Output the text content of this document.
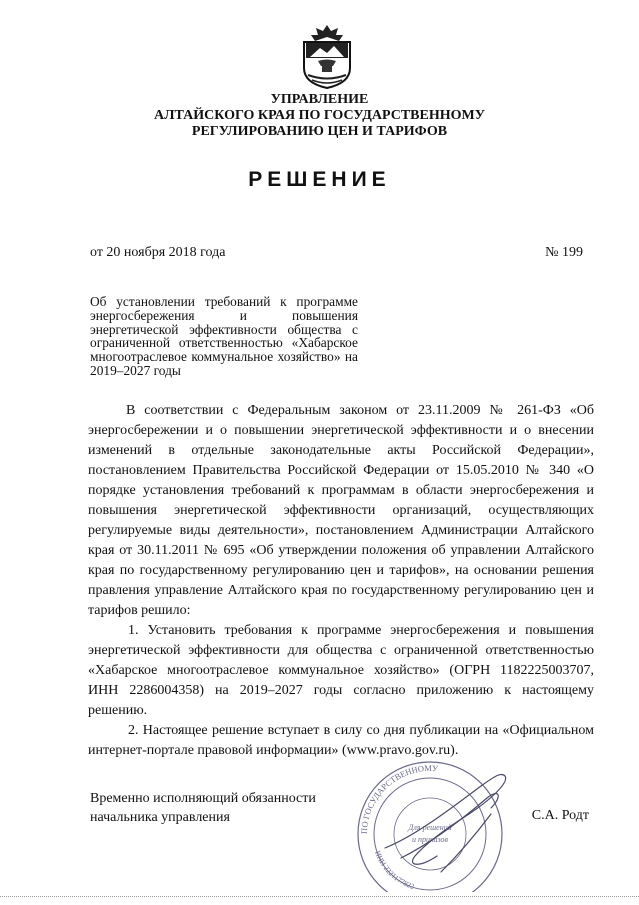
УПРАВЛЕНИЕ
АЛТАЙСКОГО КРАЯ ПО ГОСУДАРСТВЕННОМУ
РЕГУЛИРОВАНИЮ ЦЕН И ТАРИФОВ
РЕШЕНИЕ
от 20 ноября 2018 года	№ 199
Об установлении требований к программе энергосбережения и повышения энергетической эффективности общества с ограниченной ответственностью «Хабарское многоотраслевое коммунальное хозяйство» на 2019–2027 годы

В соответствии с Федеральным законом от 23.11.2009 № 261-ФЗ «Об энергосбережении и о повышении энергетической эффективности и о внесении изменений в отдельные законодательные акты Российской Федерации», постановлением Правительства Российской Федерации от 15.05.2010 № 340 «О порядке установления требований к программам в области энергосбережения и повышения энергетической эффективности организаций, осуществляющих регулируемые виды деятельности», постановлением Администрации Алтайского края от 30.11.2011 № 695 «Об утверждении положения об управлении Алтайского края по государственному регулированию цен и тарифов», на основании решения правления управление Алтайского края по государственному регулированию цен и тарифов решило:

1. Установить требования к программе энергосбережения и повышения энергетической эффективности для общества с ограниченной ответственностью «Хабарское многоотраслевое коммунальное хозяйство» (ОГРН 1182225003707, ИНН 2286004358) на 2019–2027 годы согласно приложению к настоящему решению.

2. Настоящее решение вступает в силу со дня публикации на «Официальном интернет-портале правовой информации» (www.pravo.gov.ru).

Временно исполняющий обязанности
начальника управления	С.А. Родт
ПО ГОСУДАРСТВЕННОМУ
ИНН 2221177822
Для решений
и приказов
